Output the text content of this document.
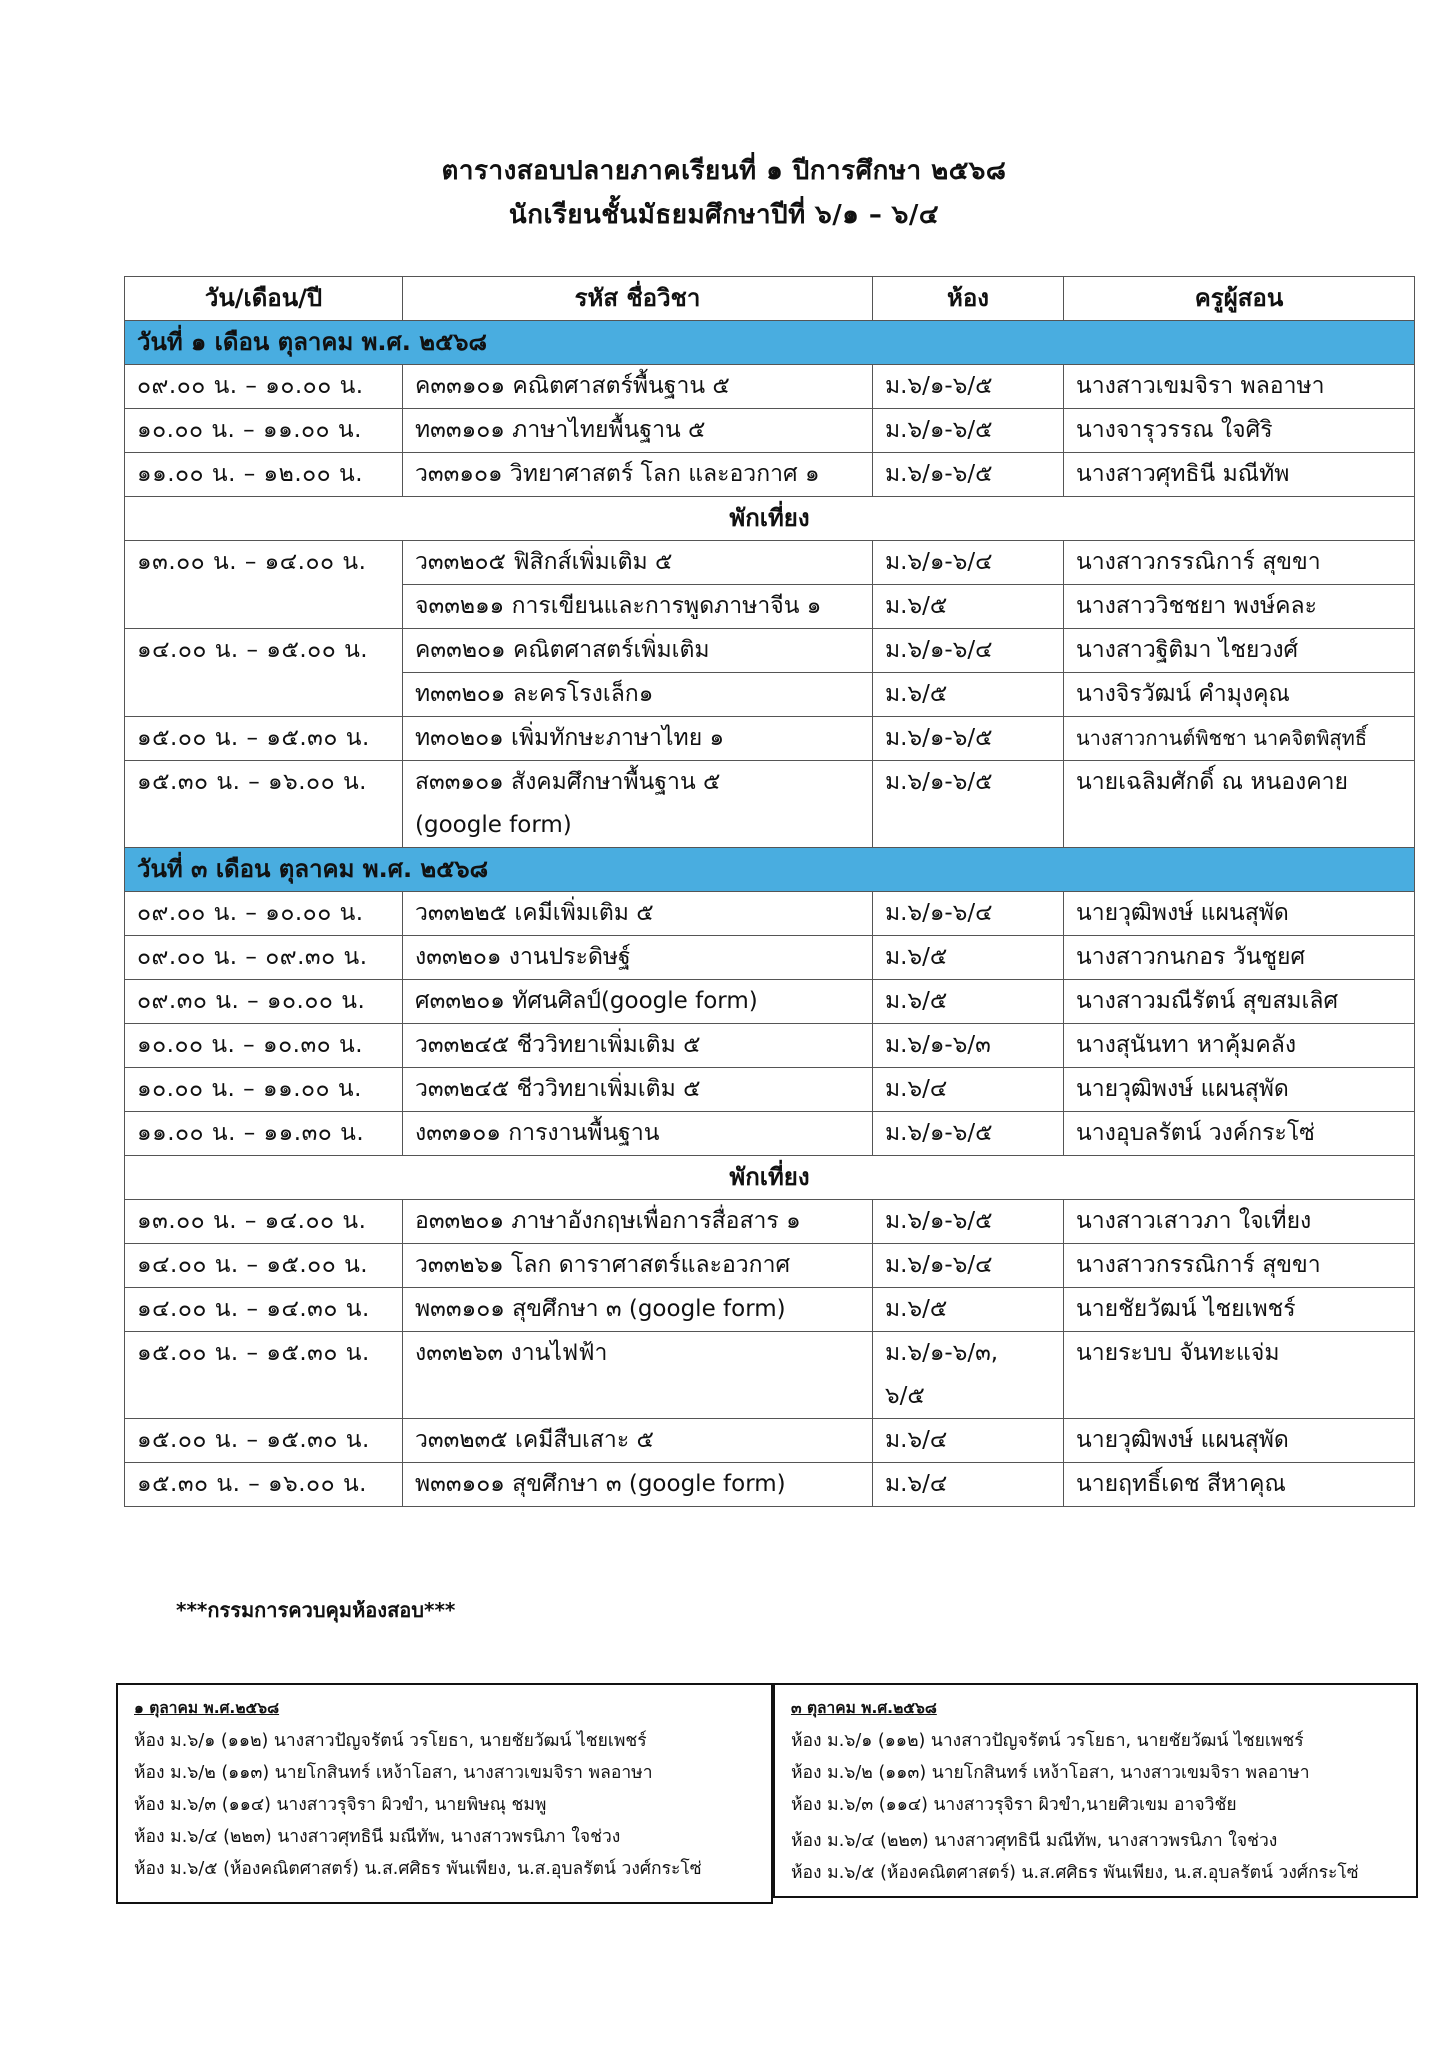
ตารางสอบปลายภาคเรียนที่ ๑ ปีการศึกษา ๒๕๖๘
นักเรียนชั้นมัธยมศึกษาปีที่ ๖/๑ – ๖/๔
วัน/เดือน/ปี	รหัส ชื่อวิชา	ห้อง	ครูผู้สอน
วันที่ ๑ เดือน ตุลาคม พ.ศ. ๒๕๖๘			
๐๙.๐๐ น. – ๑๐.๐๐ น.	ค๓๓๑๐๑ คณิตศาสตร์พื้นฐาน ๕	ม.๖/๑-๖/๕	นางสาวเขมจิรา พลอาษา
๑๐.๐๐ น. – ๑๑.๐๐ น.	ท๓๓๑๐๑ ภาษาไทยพื้นฐาน ๕	ม.๖/๑-๖/๕	นางจารุวรรณ ใจศิริ
๑๑.๐๐ น. – ๑๒.๐๐ น.	ว๓๓๑๐๑ วิทยาศาสตร์ โลก และอวกาศ ๑	ม.๖/๑-๖/๕	นางสาวศุทธินี มณีทัพ
พักเที่ยง			
๑๓.๐๐ น. – ๑๔.๐๐ น.	ว๓๓๒๐๕ ฟิสิกส์เพิ่มเติม ๕	ม.๖/๑-๖/๔	นางสาวกรรณิการ์ สุขขา
	จ๓๓๒๑๑ การเขียนและการพูดภาษาจีน ๑	ม.๖/๕	นางสาววิชชยา พงษ์คละ
๑๔.๐๐ น. – ๑๕.๐๐ น.	ค๓๓๒๐๑ คณิตศาสตร์เพิ่มเติม	ม.๖/๑-๖/๔	นางสาวฐิติมา ไชยวงศ์
	ท๓๓๒๐๑ ละครโรงเล็ก๑	ม.๖/๕	นางจิรวัฒน์ คำมุงคุณ
๑๕.๐๐ น. – ๑๕.๓๐ น.	ท๓๐๒๐๑ เพิ่มทักษะภาษาไทย ๑	ม.๖/๑-๖/๕	นางสาวกานต์พิชชา นาคจิตพิสุทธิ์
๑๕.๓๐ น. – ๑๖.๐๐ น.	ส๓๓๑๐๑ สังคมศึกษาพื้นฐาน ๕
(google form)	ม.๖/๑-๖/๕	นายเฉลิมศักดิ์ ณ หนองคาย
วันที่ ๓ เดือน ตุลาคม พ.ศ. ๒๕๖๘			
๐๙.๐๐ น. – ๑๐.๐๐ น.	ว๓๓๒๒๕ เคมีเพิ่มเติม ๕	ม.๖/๑-๖/๔	นายวุฒิพงษ์ แผนสุพัด
๐๙.๐๐ น. – ๐๙.๓๐ น.	ง๓๓๒๐๑ งานประดิษฐ์	ม.๖/๕	นางสาวกนกอร วันชูยศ
๐๙.๓๐ น. – ๑๐.๐๐ น.	ศ๓๓๒๐๑ ทัศนศิลป์(google form)	ม.๖/๕	นางสาวมณีรัตน์ สุขสมเลิศ
๑๐.๐๐ น. – ๑๐.๓๐ น.	ว๓๓๒๔๕ ชีววิทยาเพิ่มเติม ๕	ม.๖/๑-๖/๓	นางสุนันทา หาคุ้มคลัง
๑๐.๐๐ น. – ๑๑.๐๐ น.	ว๓๓๒๔๕ ชีววิทยาเพิ่มเติม ๕	ม.๖/๔	นายวุฒิพงษ์ แผนสุพัด
๑๑.๐๐ น. – ๑๑.๓๐ น.	ง๓๓๑๐๑ การงานพื้นฐาน	ม.๖/๑-๖/๕	นางอุบลรัตน์ วงค์กระโซ่
พักเที่ยง			
๑๓.๐๐ น. – ๑๔.๐๐ น.	อ๓๓๒๐๑ ภาษาอังกฤษเพื่อการสื่อสาร ๑	ม.๖/๑-๖/๕	นางสาวเสาวภา ใจเที่ยง
๑๔.๐๐ น. – ๑๕.๐๐ น.	ว๓๓๒๖๑ โลก ดาราศาสตร์และอวกาศ	ม.๖/๑-๖/๔	นางสาวกรรณิการ์ สุขขา
๑๔.๐๐ น. – ๑๔.๓๐ น.	พ๓๓๑๐๑ สุขศึกษา ๓ (google form)	ม.๖/๕	นายชัยวัฒน์ ไชยเพชร์
๑๕.๐๐ น. – ๑๕.๓๐ น.	ง๓๓๒๖๓ งานไฟฟ้า	ม.๖/๑-๖/๓,
๖/๕	นายระบบ จันทะแจ่ม
๑๕.๐๐ น. – ๑๕.๓๐ น.	ว๓๓๒๓๕ เคมีสืบเสาะ ๕	ม.๖/๔	นายวุฒิพงษ์ แผนสุพัด
๑๕.๓๐ น. – ๑๖.๐๐ น.	พ๓๓๑๐๑ สุขศึกษา ๓ (google form)	ม.๖/๔	นายฤทธิ์เดช สีหาคุณ
***กรรมการควบคุมห้องสอบ***
๑ ตุลาคม พ.ศ.๒๕๖๘
ห้อง ม.๖/๑ (๑๑๒) นางสาวปัญจรัตน์ วรโยธา, นายชัยวัฒน์ ไชยเพชร์
ห้อง ม.๖/๒ (๑๑๓) นายโกสินทร์ เหง้าโอสา, นางสาวเขมจิรา พลอาษา
ห้อง ม.๖/๓ (๑๑๔) นางสาวรุจิรา ผิวขำ, นายพิษณุ ชมพู
ห้อง ม.๖/๔ (๒๒๓) นางสาวศุทธินี มณีทัพ, นางสาวพรนิภา ใจช่วง
ห้อง ม.๖/๕ (ห้องคณิตศาสตร์) น.ส.ศศิธร พันเพียง, น.ส.อุบลรัตน์ วงศ์กระโซ่
๓ ตุลาคม พ.ศ.๒๕๖๘
ห้อง ม.๖/๑ (๑๑๒) นางสาวปัญจรัตน์ วรโยธา, นายชัยวัฒน์ ไชยเพชร์
ห้อง ม.๖/๒ (๑๑๓) นายโกสินทร์ เหง้าโอสา, นางสาวเขมจิรา พลอาษา
ห้อง ม.๖/๓ (๑๑๔) นางสาวรุจิรา ผิวขำ,นายศิวเขม อาจวิชัย
ห้อง ม.๖/๔ (๒๒๓) นางสาวศุทธินี มณีทัพ, นางสาวพรนิภา ใจช่วง
ห้อง ม.๖/๕ (ห้องคณิตศาสตร์) น.ส.ศศิธร พันเพียง, น.ส.อุบลรัตน์ วงศ์กระโซ่
